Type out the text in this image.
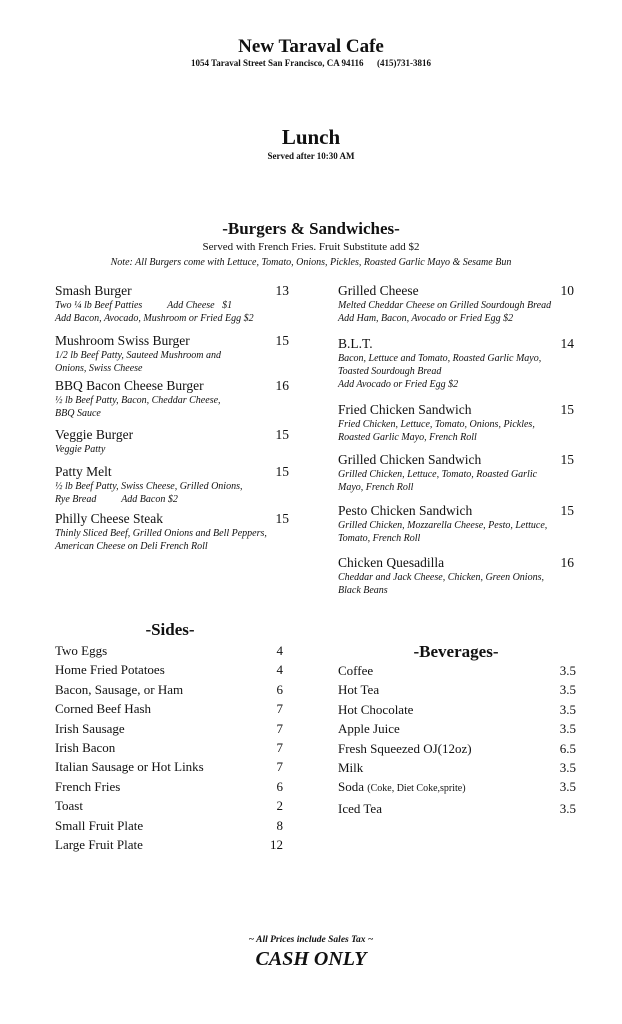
New Taraval Cafe
1054 Taraval Street San Francisco, CA 94116 (415)731-3816
Lunch
Served after 10:30 AM
-Burgers & Sandwiches-
Served with French Fries. Fruit Substitute add $2
Note: All Burgers come with Lettuce, Tomato, Onions, Pickles, Roasted Garlic Mayo & Sesame Bun
Smash Burger	13
Two ¼ lb Beef Patties          Add Cheese   $1
Add Bacon, Avocado, Mushroom or Fried Egg $2
Mushroom Swiss Burger	15
1/2 lb Beef Patty, Sauteed Mushroom and
Onions, Swiss Cheese
BBQ Bacon Cheese Burger	16
½ lb Beef Patty, Bacon, Cheddar Cheese,
BBQ Sauce
Veggie Burger	15
Veggie Patty
Patty Melt	15
½ lb Beef Patty, Swiss Cheese, Grilled Onions,
Rye Bread          Add Bacon $2
Philly Cheese Steak	15
Thinly Sliced Beef, Grilled Onions and Bell Peppers,
American Cheese on Deli French Roll
Grilled Cheese	10
Melted Cheddar Cheese on Grilled Sourdough Bread
Add Ham, Bacon, Avocado or Fried Egg $2
B.L.T.	14
Bacon, Lettuce and Tomato, Roasted Garlic Mayo,
Toasted Sourdough Bread
Add Avocado or Fried Egg $2
Fried Chicken Sandwich	15
Fried Chicken, Lettuce, Tomato, Onions, Pickles,
Roasted Garlic Mayo, French Roll
Grilled Chicken Sandwich	15
Grilled Chicken, Lettuce, Tomato, Roasted Garlic
Mayo, French Roll
Pesto Chicken Sandwich	15
Grilled Chicken, Mozzarella Cheese, Pesto, Lettuce,
Tomato, French Roll
Chicken Quesadilla	16
Cheddar and Jack Cheese, Chicken, Green Onions,
Black Beans
-Sides-
Two Eggs	4
Home Fried Potatoes	4
Bacon, Sausage, or Ham	6
Corned Beef Hash	7
Irish Sausage	7
Irish Bacon	7
Italian Sausage or Hot Links	7
French Fries	6
Toast	2
Small Fruit Plate	8
Large Fruit Plate	12
-Beverages-
Coffee	3.5
Hot Tea	3.5
Hot Chocolate	3.5
Apple Juice	3.5
Fresh Squeezed OJ(12oz)	6.5
Milk	3.5
Soda (Coke, Diet Coke,sprite)	3.5
Iced Tea	3.5
~ All Prices include Sales Tax ~
CASH ONLY
